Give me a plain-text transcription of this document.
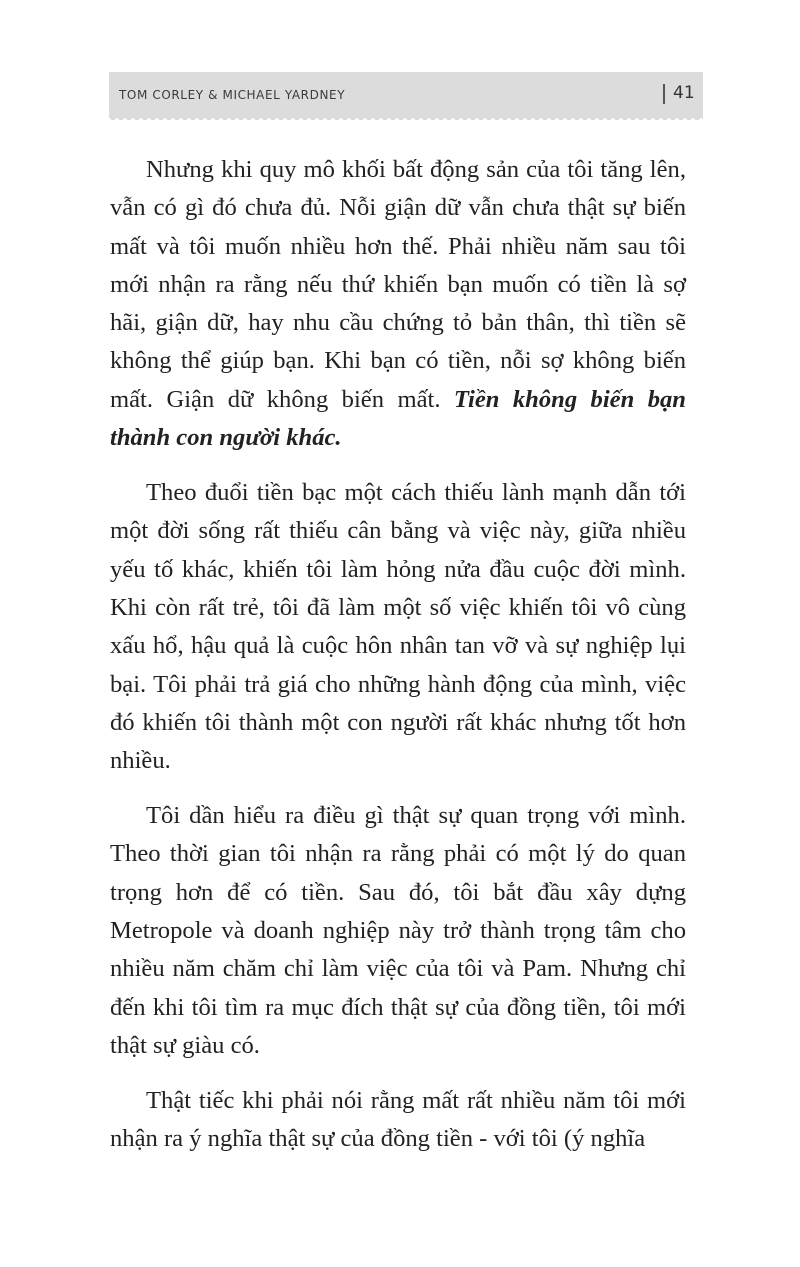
TOM CORLEY & MICHAEL YARDNEY	41

Nhưng khi quy mô khối bất động sản của tôi tăng lên, vẫn có gì đó chưa đủ. Nỗi giận dữ vẫn chưa thật sự biến mất và tôi muốn nhiều hơn thế. Phải nhiều năm sau tôi mới nhận ra rằng nếu thứ khiến bạn muốn có tiền là sợ hãi, giận dữ, hay nhu cầu chứng tỏ bản thân, thì tiền sẽ không thể giúp bạn. Khi bạn có tiền, nỗi sợ không biến mất. Giận dữ không biến mất. Tiền không biến bạn thành con người khác.

Theo đuổi tiền bạc một cách thiếu lành mạnh dẫn tới một đời sống rất thiếu cân bằng và việc này, giữa nhiều yếu tố khác, khiến tôi làm hỏng nửa đầu cuộc đời mình. Khi còn rất trẻ, tôi đã làm một số việc khiến tôi vô cùng xấu hổ, hậu quả là cuộc hôn nhân tan vỡ và sự nghiệp lụi bại. Tôi phải trả giá cho những hành động của mình, việc đó khiến tôi thành một con người rất khác nhưng tốt hơn nhiều.

Tôi dần hiểu ra điều gì thật sự quan trọng với mình. Theo thời gian tôi nhận ra rằng phải có một lý do quan trọng hơn để có tiền. Sau đó, tôi bắt đầu xây dựng Metropole và doanh nghiệp này trở thành trọng tâm cho nhiều năm chăm chỉ làm việc của tôi và Pam. Nhưng chỉ đến khi tôi tìm ra mục đích thật sự của đồng tiền, tôi mới thật sự giàu có.

Thật tiếc khi phải nói rằng mất rất nhiều năm tôi mới nhận ra ý nghĩa thật sự của đồng tiền - với tôi (ý nghĩa
